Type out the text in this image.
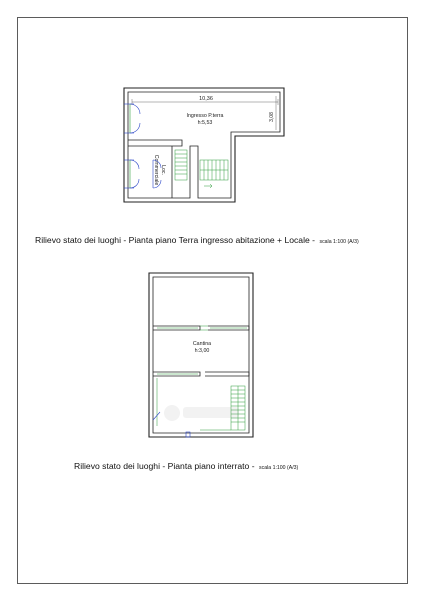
10,36
3,08
Ingresso P.terra
h:5,53
Loc.
Commerciale
Cantina
h:3,00
Rilievo stato dei luoghi - Pianta piano Terra ingresso abitazione + Locale - scala 1:100 (A/3)
Rilievo stato dei luoghi - Pianta piano interrato - scala 1:100 (A/3)
